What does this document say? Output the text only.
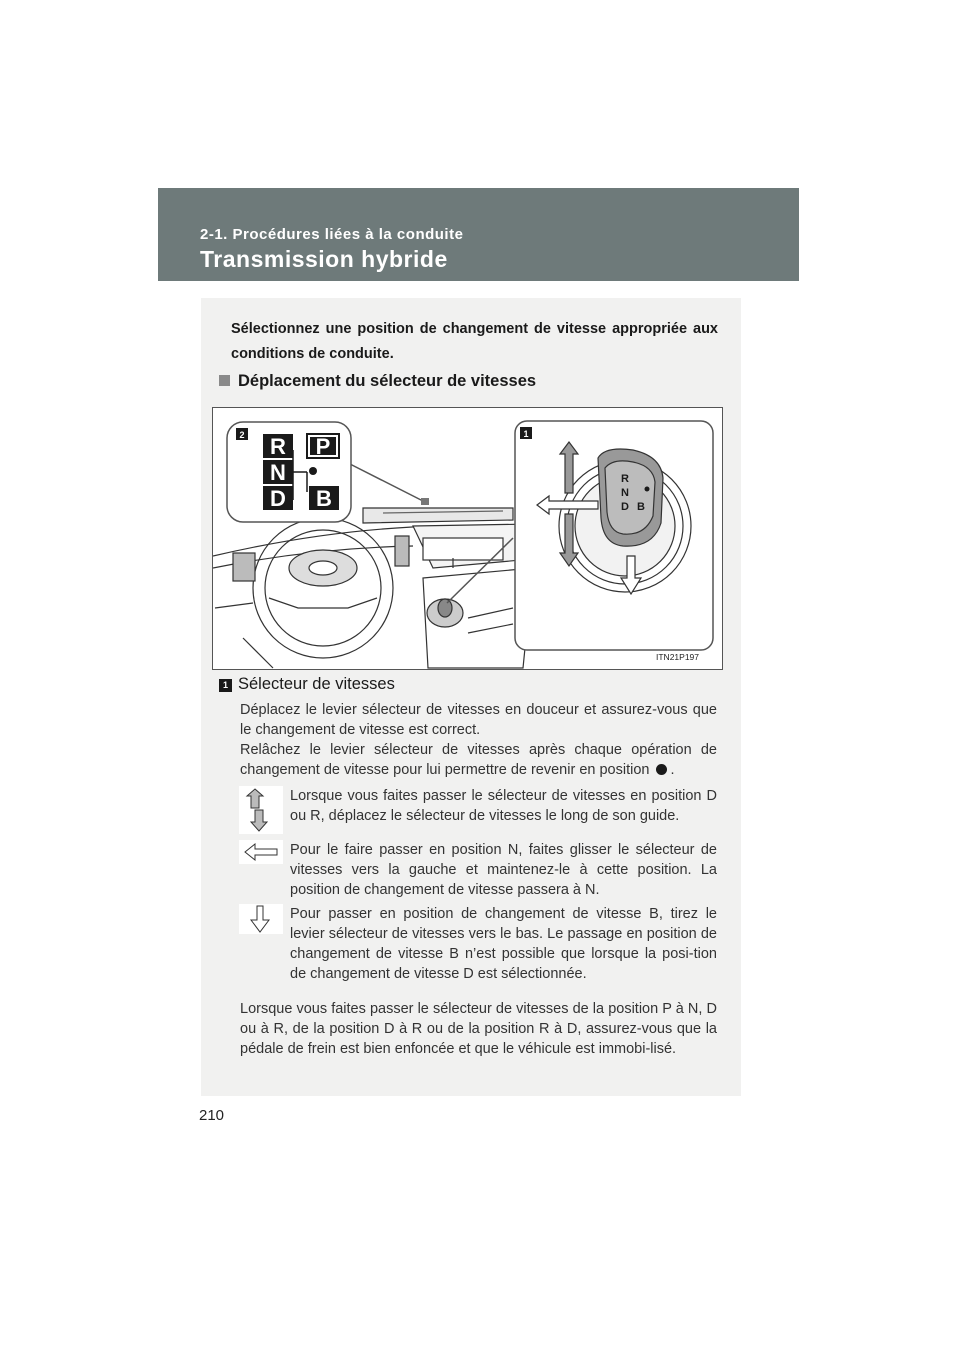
2-1. Procédures liées à la conduite
Transmission hybride
Sélectionnez une position de changement de vitesse appropriée aux conditions de conduite.
Déplacement du sélecteur de vitesses
R P
N
D B
2	1
R
N
D B
ITN21P197
1 Sélecteur de vitesses
Déplacez le levier sélecteur de vitesses en douceur et assurez-vous que le changement de vitesse est correct.
Relâchez le levier sélecteur de vitesses après chaque opération de changement de vitesse pour lui permettre de revenir en position .
Lorsque vous faites passer le sélecteur de vitesses en position D ou R, déplacez le sélecteur de vitesses le long de son guide.
Pour le faire passer en position N, faites glisser le sélecteur de vitesses vers la gauche et maintenez-le à cette position. La position de changement de vitesse passera à N.
Pour passer en position de changement de vitesse B, tirez le levier sélecteur de vitesses vers le bas. Le passage en position de changement de vitesse B n’est possible que lorsque la posi-tion de changement de vitesse D est sélectionnée.
Lorsque vous faites passer le sélecteur de vitesses de la position P à N, D ou à R, de la position D à R ou de la position R à D, assurez-vous que la pédale de frein est bien enfoncée et que le véhicule est immobi-lisé.
210
